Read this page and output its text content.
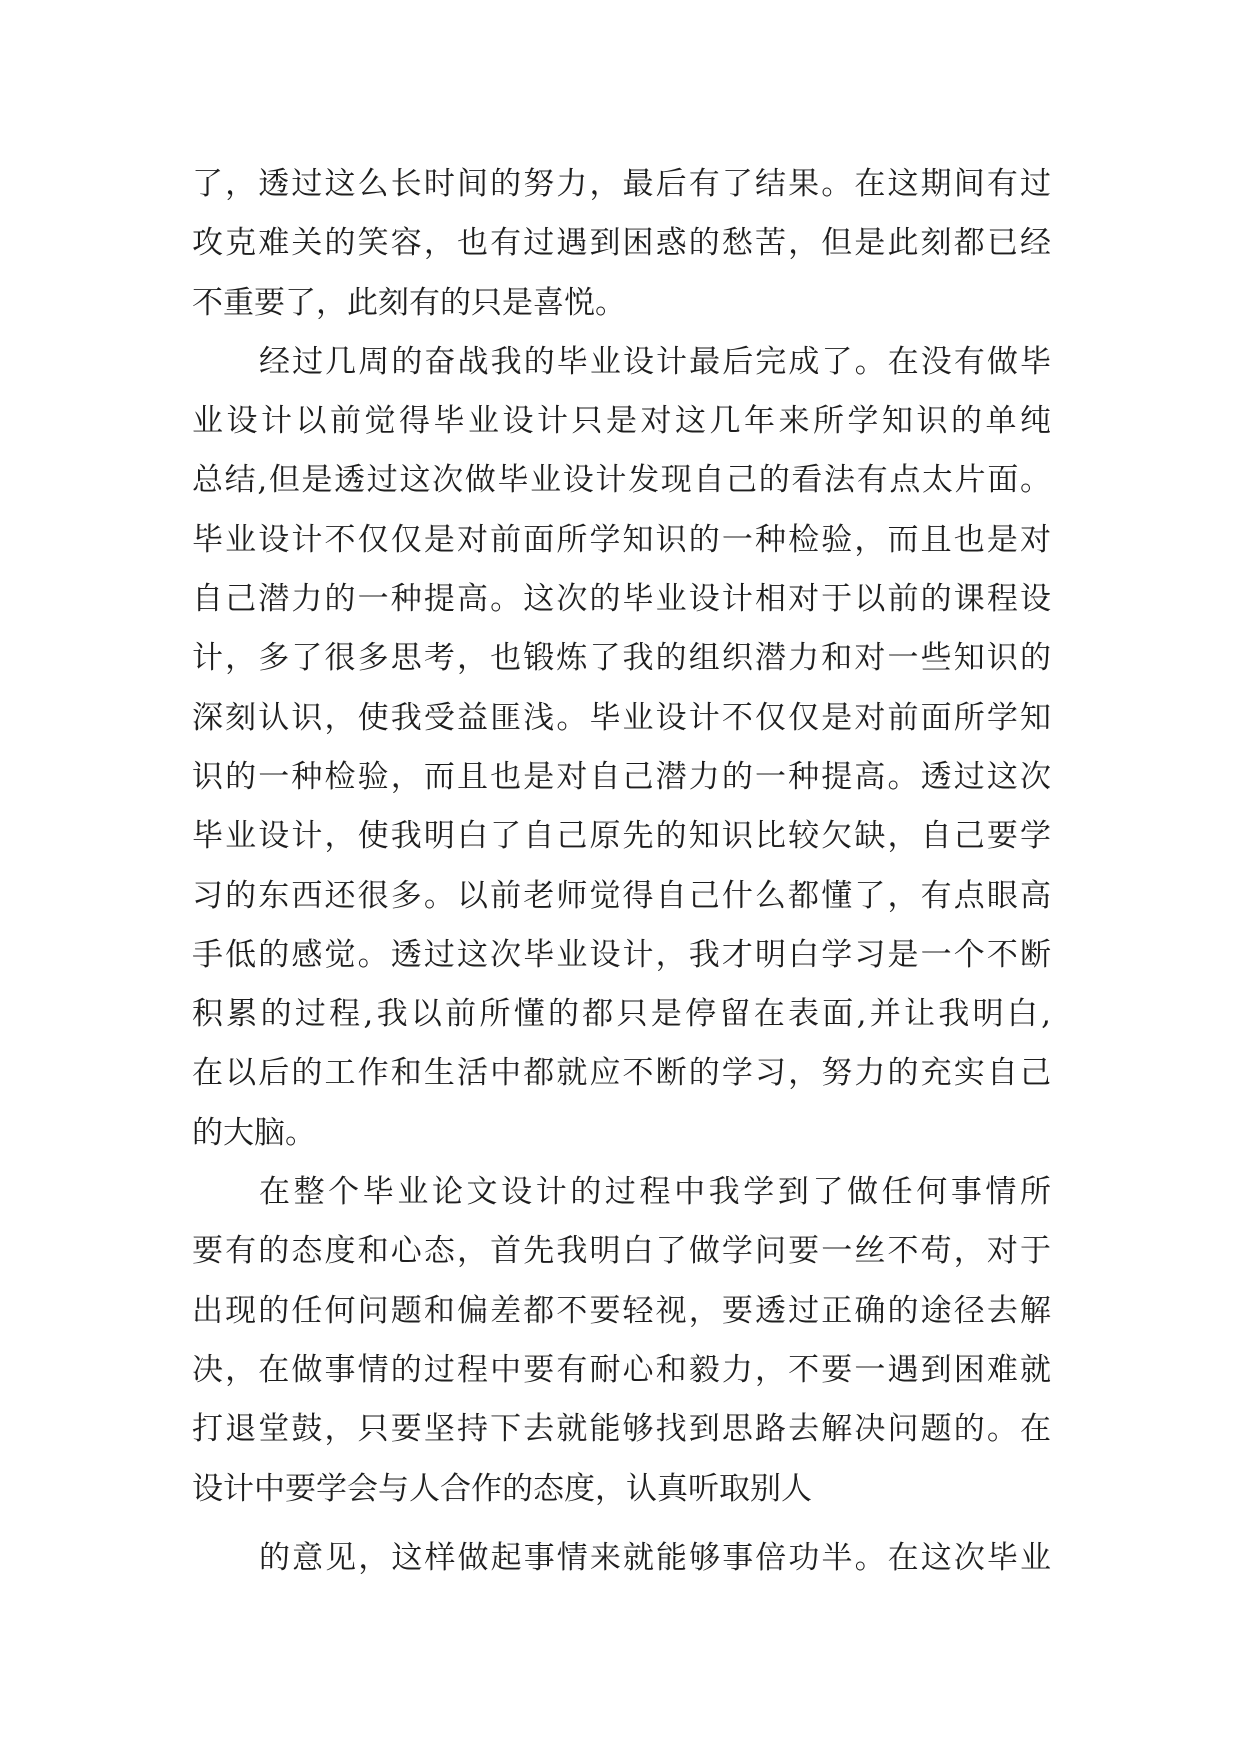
了，透过这么长时间的努力，最后有了结果。在这期间有过
攻克难关的笑容，也有过遇到困惑的愁苦，但是此刻都已经
不重要了，此刻有的只是喜悦。
经过几周的奋战我的毕业设计最后完成了。在没有做毕
业设计以前觉得毕业设计只是对这几年来所学知识的单纯
总结,但是透过这次做毕业设计发现自己的看法有点太片面。
毕业设计不仅仅是对前面所学知识的一种检验，而且也是对
自己潜力的一种提高。这次的毕业设计相对于以前的课程设
计，多了很多思考，也锻炼了我的组织潜力和对一些知识的
深刻认识，使我受益匪浅。毕业设计不仅仅是对前面所学知
识的一种检验，而且也是对自己潜力的一种提高。透过这次
毕业设计，使我明白了自己原先的知识比较欠缺，自己要学
习的东西还很多。以前老师觉得自己什么都懂了，有点眼高
手低的感觉。透过这次毕业设计，我才明白学习是一个不断
积累的过程,我以前所懂的都只是停留在表面,并让我明白,
在以后的工作和生活中都就应不断的学习，努力的充实自己
的大脑。
在整个毕业论文设计的过程中我学到了做任何事情所
要有的态度和心态，首先我明白了做学问要一丝不苟，对于
出现的任何问题和偏差都不要轻视，要透过正确的途径去解
决，在做事情的过程中要有耐心和毅力，不要一遇到困难就
打退堂鼓，只要坚持下去就能够找到思路去解决问题的。在
设计中要学会与人合作的态度，认真听取别人
的意见，这样做起事情来就能够事倍功半。在这次毕业
